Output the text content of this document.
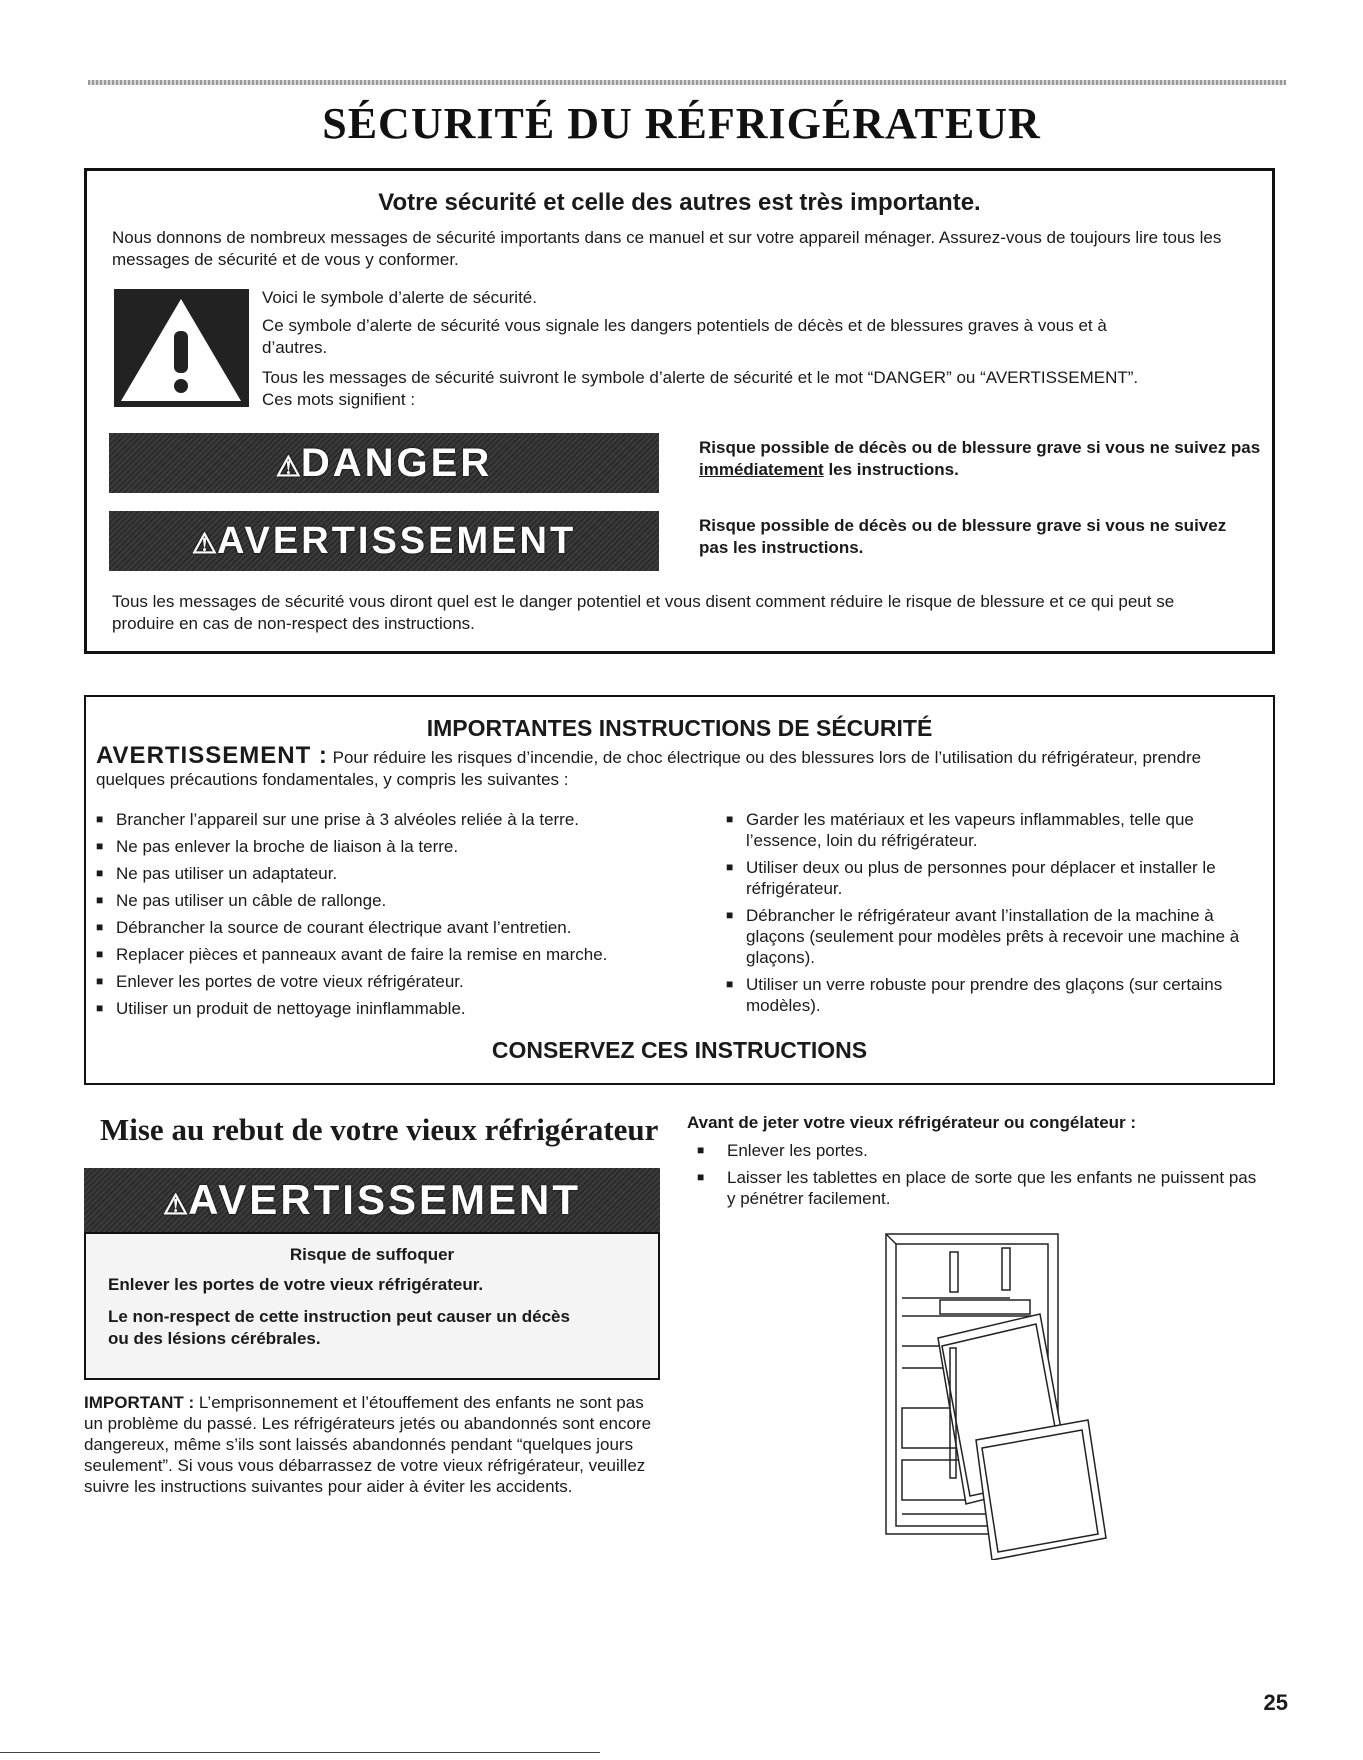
SÉCURITÉ DU RÉFRIGÉRATEUR
Votre sécurité et celle des autres est très importante.
Nous donnons de nombreux messages de sécurité importants dans ce manuel et sur votre appareil ménager. Assurez-vous de toujours lire tous les messages de sécurité et de vous y conformer.
Voici le symbole d’alerte de sécurité.
Ce symbole d’alerte de sécurité vous signale les dangers potentiels de décès et de blessures graves à vous et à d’autres.
Tous les messages de sécurité suivront le symbole d’alerte de sécurité et le mot “DANGER” ou “AVERTISSEMENT”. Ces mots signifient :
⚠DANGER	Risque possible de décès ou de blessure grave si vous ne suivez pas immédiatement les instructions.
⚠AVERTISSEMENT	Risque possible de décès ou de blessure grave si vous ne suivez pas les instructions.
Tous les messages de sécurité vous diront quel est le danger potentiel et vous disent comment réduire le risque de blessure et ce qui peut se produire en cas de non-respect des instructions.
IMPORTANTES INSTRUCTIONS DE SÉCURITÉ
AVERTISSEMENT : Pour réduire les risques d’incendie, de choc électrique ou des blessures lors de l’utilisation du réfrigérateur, prendre quelques précautions fondamentales, y compris les suivantes :
■ Brancher l’appareil sur une prise à 3 alvéoles reliée à la terre.
■ Ne pas enlever la broche de liaison à la terre.
■ Ne pas utiliser un adaptateur.
■ Ne pas utiliser un câble de rallonge.
■ Débrancher la source de courant électrique avant l’entretien.
■ Replacer pièces et panneaux avant de faire la remise en marche.
■ Enlever les portes de votre vieux réfrigérateur.
■ Utiliser un produit de nettoyage ininflammable.
■ Garder les matériaux et les vapeurs inflammables, telle que l’essence, loin du réfrigérateur.
■ Utiliser deux ou plus de personnes pour déplacer et installer le réfrigérateur.
■ Débrancher le réfrigérateur avant l’installation de la machine à glaçons (seulement pour modèles prêts à recevoir une machine à glaçons).
■ Utiliser un verre robuste pour prendre des glaçons (sur certains modèles).
CONSERVEZ CES INSTRUCTIONS
Mise au rebut de votre vieux réfrigérateur
⚠AVERTISSEMENT
Risque de suffoquer
Enlever les portes de votre vieux réfrigérateur.
Le non-respect de cette instruction peut causer un décès ou des lésions cérébrales.
IMPORTANT : L’emprisonnement et l’étouffement des enfants ne sont pas un problème du passé. Les réfrigérateurs jetés ou abandonnés sont encore dangereux, même s’ils sont laissés abandonnés pendant “quelques jours seulement”. Si vous vous débarrassez de votre vieux réfrigérateur, veuillez suivre les instructions suivantes pour aider à éviter les accidents.
Avant de jeter votre vieux réfrigérateur ou congélateur :
■ Enlever les portes.
■ Laisser les tablettes en place de sorte que les enfants ne puissent pas y pénétrer facilement.
25
